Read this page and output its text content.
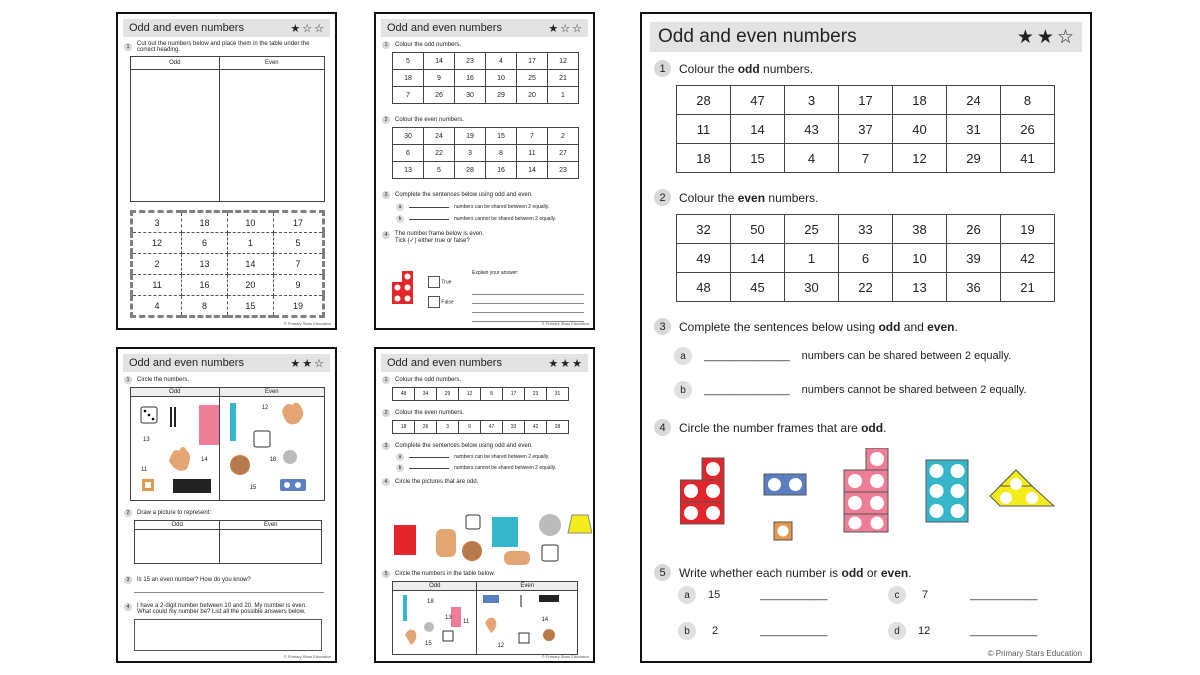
Odd and even numbers	★ ☆ ☆
1	Cut out the numbers below and place them in the table under the correct heading.
Odd	Even

3	18	10	17
12	6	1	5
2	13	14	7
11	16	20	9
4	8	15	19
© Primary Stars Education
Odd and even numbers	★ ☆ ☆
1	Colour the odd numbers.
5	14	23	4	17	12
18	9	16	10	25	21
7	26	30	29	20	1
2	Colour the even numbers.
30	24	19	15	7	2
6	22	3	8	11	27
13	5	28	16	14	23
3	Complete the sentences below using odd and even.
a	numbers can be shared between 2 equally.
b	numbers cannot be shared between 2 equally.
4	The number frame below is even. Tick (✓) either true or false?
True
False
Explain your answer:
© Primary Stars Education
Odd and even numbers	★ ★ ☆
1	Circle the numbers.
Odd	Even

13
11
14	12
18
15
2	Draw a picture to represent:
Odd	Even

3	Is 15 an even number? How do you know?
4	I have a 2-digit number between 10 and 20. My number is even. What could my number be? List all the possible answers below.
© Primary Stars Education
Odd and even numbers	★ ★ ★
1	Colour the odd numbers.
48	34	29	12	8	17	23	31
2	Colour the even numbers.
18	26	3	9	47	33	42	28
3	Complete the sentences below using odd and even.
a	numbers can be shared between 2 equally.
b	numbers cannot be shared between 2 equally.
4	Circle the pictures that are odd.
5	Circle the numbers in the table below.
Odd	Even

18
13
11
15	14
12
© Primary Stars Education
Odd and even numbers	★ ★ ☆
1	Colour the odd numbers.
28	47	3	17	18	24	8
11	14	43	37	40	31	26
18	15	4	7	12	29	41
2	Colour the even numbers.
32	50	25	33	38	26	19
49	14	1	6	10	39	42
48	45	30	22	13	36	21
3	Complete the sentences below using odd and even.
a	______________ numbers can be shared between 2 equally.
b	______________ numbers cannot be shared between 2 equally.
4	Circle the number frames that are odd.
5	Write whether each number is odd or even.
a	15	___________
b	2	___________
c	7	___________
d	12	___________
© Primary Stars Education
